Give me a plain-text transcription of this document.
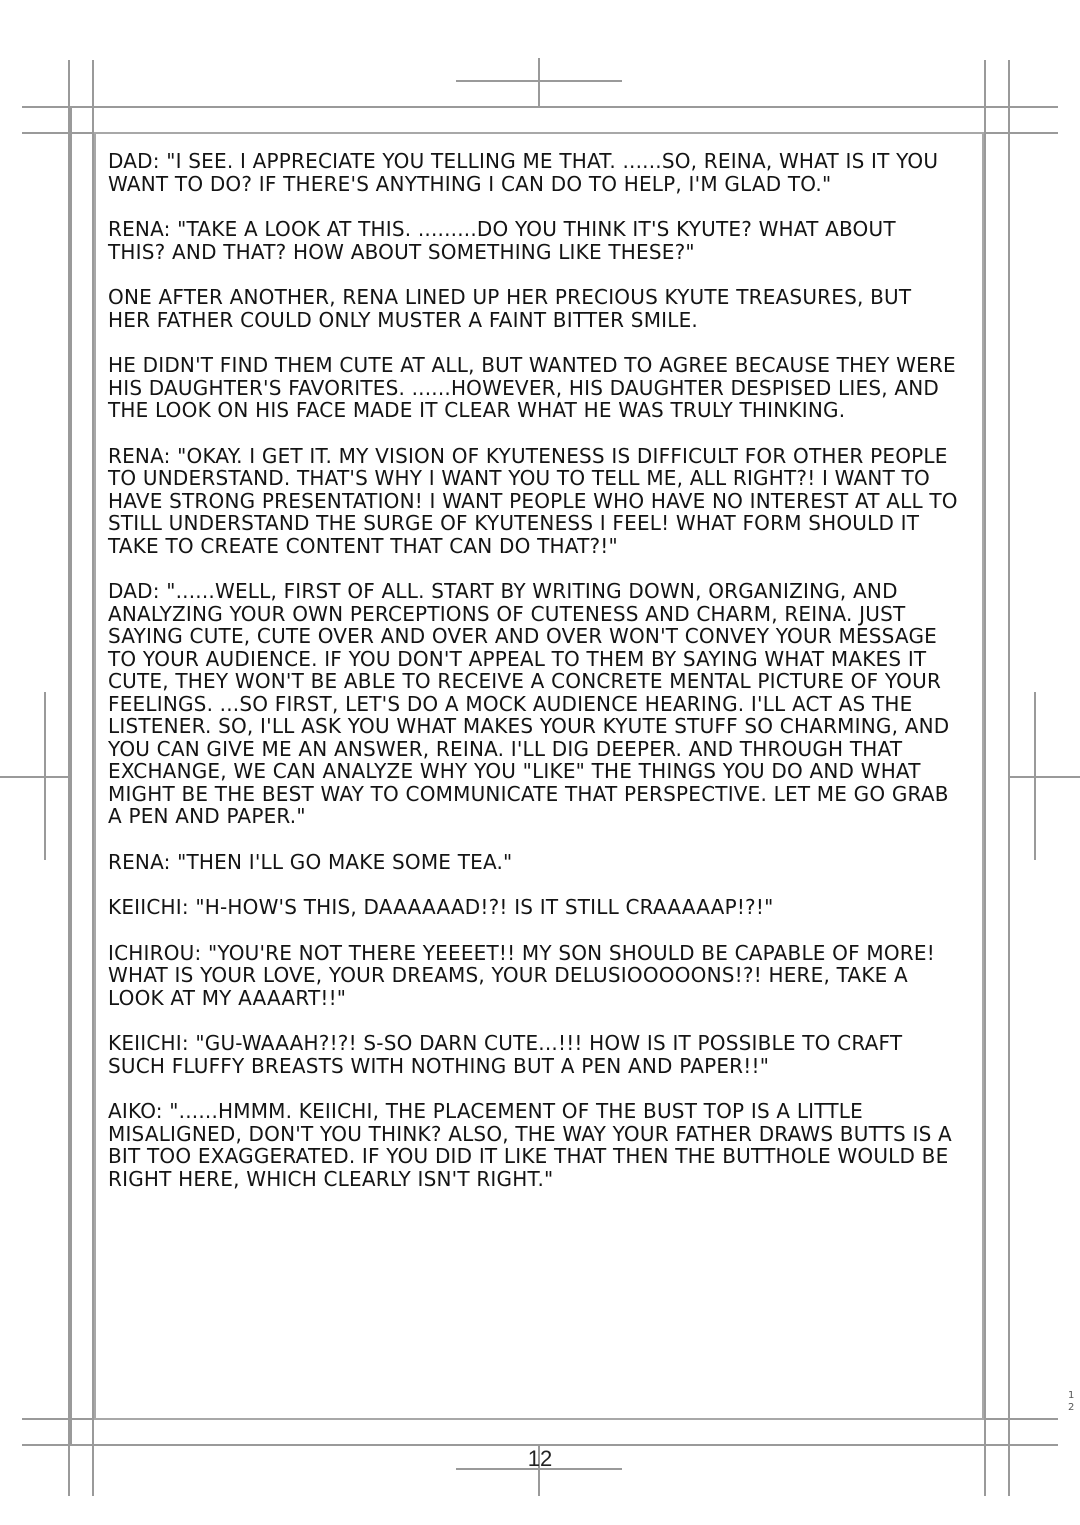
DAD: "I SEE. I APPRECIATE YOU TELLING ME THAT. ......SO, REINA, WHAT IS IT YOU WANT TO DO? IF THERE'S ANYTHING I CAN DO TO HELP, I'M GLAD TO."

RENA: "TAKE A LOOK AT THIS. .........DO YOU THINK IT'S KYUTE? WHAT ABOUT THIS? AND THAT? HOW ABOUT SOMETHING LIKE THESE?"

ONE AFTER ANOTHER, RENA LINED UP HER PRECIOUS KYUTE TREASURES, BUT HER FATHER COULD ONLY MUSTER A FAINT BITTER SMILE.

HE DIDN'T FIND THEM CUTE AT ALL, BUT WANTED TO AGREE BECAUSE THEY WERE HIS DAUGHTER'S FAVORITES. ......HOWEVER, HIS DAUGHTER DESPISED LIES, AND THE LOOK ON HIS FACE MADE IT CLEAR WHAT HE WAS TRULY THINKING.

RENA: "OKAY. I GET IT. MY VISION OF KYUTENESS IS DIFFICULT FOR OTHER PEOPLE TO UNDERSTAND. THAT'S WHY I WANT YOU TO TELL ME, ALL RIGHT?! I WANT TO HAVE STRONG PRESENTATION! I WANT PEOPLE WHO HAVE NO INTEREST AT ALL TO STILL UNDERSTAND THE SURGE OF KYUTENESS I FEEL! WHAT FORM SHOULD IT TAKE TO CREATE CONTENT THAT CAN DO THAT?!"

DAD: "......WELL, FIRST OF ALL. START BY WRITING DOWN, ORGANIZING, AND ANALYZING YOUR OWN PERCEPTIONS OF CUTENESS AND CHARM, REINA. JUST SAYING CUTE, CUTE OVER AND OVER AND OVER WON'T CONVEY YOUR MESSAGE TO YOUR AUDIENCE. IF YOU DON'T APPEAL TO THEM BY SAYING WHAT MAKES IT CUTE, THEY WON'T BE ABLE TO RECEIVE A CONCRETE MENTAL PICTURE OF YOUR FEELINGS. ...SO FIRST, LET'S DO A MOCK AUDIENCE HEARING. I'LL ACT AS THE LISTENER. SO, I'LL ASK YOU WHAT MAKES YOUR KYUTE STUFF SO CHARMING, AND YOU CAN GIVE ME AN ANSWER, REINA. I'LL DIG DEEPER. AND THROUGH THAT EXCHANGE, WE CAN ANALYZE WHY YOU "LIKE" THE THINGS YOU DO AND WHAT MIGHT BE THE BEST WAY TO COMMUNICATE THAT PERSPECTIVE. LET ME GO GRAB A PEN AND PAPER."

RENA: "THEN I'LL GO MAKE SOME TEA."

KEIICHI: "H-HOW'S THIS, DAAAAAAD!?! IS IT STILL CRAAAAAP!?!"

ICHIROU: "YOU'RE NOT THERE YEEEET!! MY SON SHOULD BE CAPABLE OF MORE! WHAT IS YOUR LOVE, YOUR DREAMS, YOUR DELUSIOOOOONS!?! HERE, TAKE A LOOK AT MY AAAART!!"

KEIICHI: "GU-WAAAH?!?! S-SO DARN CUTE...!!! HOW IS IT POSSIBLE TO CRAFT SUCH FLUFFY BREASTS WITH NOTHING BUT A PEN AND PAPER!!"

AIKO: "......HMMM. KEIICHI, THE PLACEMENT OF THE BUST TOP IS A LITTLE MISALIGNED, DON'T YOU THINK? ALSO, THE WAY YOUR FATHER DRAWS BUTTS IS A BIT TOO EXAGGERATED. IF YOU DID IT LIKE THAT THEN THE BUTTHOLE WOULD BE RIGHT HERE, WHICH CLEARLY ISN'T RIGHT."

12
1
2
